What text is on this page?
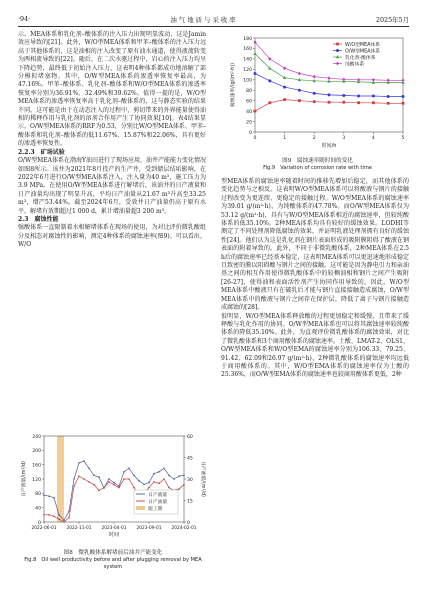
·94·	油 气 地 质 与 采 收 率	2025年5月

示。MEA体系和乳化剂–酸体系的注入压力出现明显波动，这是Jamin效应导致的[21]。此外，W/O型MEA体系和甲苯–酸体系的注入压力远高于其他体系的，这是油相的注入改变了原有油水通道，使得液流转变为两相流导致的[22]。随后，在二次水驱过程中，岩心的注入压力均呈下降趋势，最终低于初始注入压力，这表明4种体系都成功地溶解了部分模拟堵塞物。其中，O/W型MEA体系的渗透率恢复率最高，为47.16%。甲苯–酸体系、乳化剂–酸体系和W/O型MEA体系的渗透率恢复率分别为36.91%、32.49%和39.62%。值得一提的是，W/O型MEA体系的渗透率恢复率高于乳化剂–酸体系的，这与静态实验的结果不同。这可能是由于在动态注入的过程中，剪切带来的外界能量使得油相的稀释作用与乳化剂的溶剂合作用产生了协同效果[10]。表4结果显示，O/W型MEA体系的RRF为0.53，分别比W/O型MEA体系、甲苯–酸体系和乳化剂–酸体系的低11.67%、15.87%和22.06%，具有更好的渗透率恢复性。

2.2.3　矿场试验

O/W型MEA体系在渤海Y油田进行了现场应用，油井产能能力变化情况如图8所示。该井为2021年8月投产的生产井，受到储层结垢影响，在2022年6月进行O/W型MEA体系注入，注入量为40 m³，施工压力为3.9 MPa。在使用O/W型MEA体系进行解堵后，该油井的日产液量和日产油量均出现了明显升高，平均日产油量从21.67 m³升高至33.25 m³，增产53.44%。截至2024年6月，受效井日产油量仍高于原有水平，解堵有效期超过1 000 d，累计增油量超3 200 m³。

2.3　腐蚀性能

强酸体系一直限制着水相解堵体系在现场的使用，为对比评价微乳酸组分及相态对腐蚀性的影响，测定4种体系的腐蚀速率(图9)。可以看出，W/O

0
40
80
120
160
200
240
0
15
30
45
60
2022-06-01 2022-11-01 2023-04-01 2023-09-01 2024-02-01
时间
日产液量/(m³/d)	日产油量/(m³/d)
日产液量
日产油量
施工期
图8　微乳酸体系解堵前后油井产能变化
Fig.8　Oil well productivity before and after plugging removal by MEA system
0
20
40
60
80
100
120
140
160
180
0	1	2	3	4	5
时间/h
腐蚀速率/(g/(m²·h))
W/O型MEA体系
O/W型MEA体系
乳化剂-酸体系
纯酸体系
图9　腐蚀速率随时间的变化
Fig.9　Variation of corrosion rate with time

型MEA体系的腐蚀速率随着时间的推移先增加后稳定，而其他体系的变化趋势与之相反。这表明W/O型MEA体系可以将酸液与钢片的接触过程改变为更连续、更稳定的接触过程。W/O型MEA体系的腐蚀速率为39.01 g/(m²·h)，为纯酸体系的47.78%。而O/W型MEA体系仅为53.12 g/(m²·h)，具有与W/O型MEA体系相近的腐蚀速率，但较纯酸体系的低35.10%。2种MEA体系均具有较好的缓蚀效果。LODHI等测定了不同处理剂降低腐蚀的效果，并证明乳液处理剂拥有良好的缓蚀性[24]。他们认为这是乳化剂在钢片表面形成的吸附膜阻碍了酸液在钢表面的附着导致的。此外，不同于非微乳酸体系，2种MEA体系在2.5 h后的腐蚀速率已经基本稳定，这表明MEA体系可以更迅速地形成稳定且致密的膜以阻碍酸与钢片之间的接触。这可能是因为静电引力和亲油基之间的相互作用使得微乳酸体系中的较稠油相和钢片之间产生吸附[26-27]，使得油和表面活性剂产生协同作用导致的。因此，W/O型MEA体系中酸液只有在破乳后才能与钢片直接接触造成腐蚀，O/W型MEA体系中的酸液与钢片之间存在保护层，降低了离子与钢片接触造成腐蚀的[28]。

很明显，W/O型MEA体系释放酸的过程更加稳定和缓慢，且带来了缓释酸与乳化作用的协同。O/W型MEA体系也可以将其腐蚀速率较纯酸体系的降低35.10%。此外，为直观评价微乳酸体系的腐蚀效果，对比了微乳酸体系和3个商用酸体系的腐蚀速率。土酸、LMAT-2、OLS1、O/W型MEA体系和W/O型EMA的腐蚀速率分别为106.33、79.25、91.42、62.09和26.97 g/(m²·h)，2种微乳酸体系的腐蚀速率均远低于商用酸体系的。其中，W/O型EMA体系的腐蚀速率仅为土酸的25.36%，而O/W型EMA体系的腐蚀速率也较商用酸体系更低，2种
